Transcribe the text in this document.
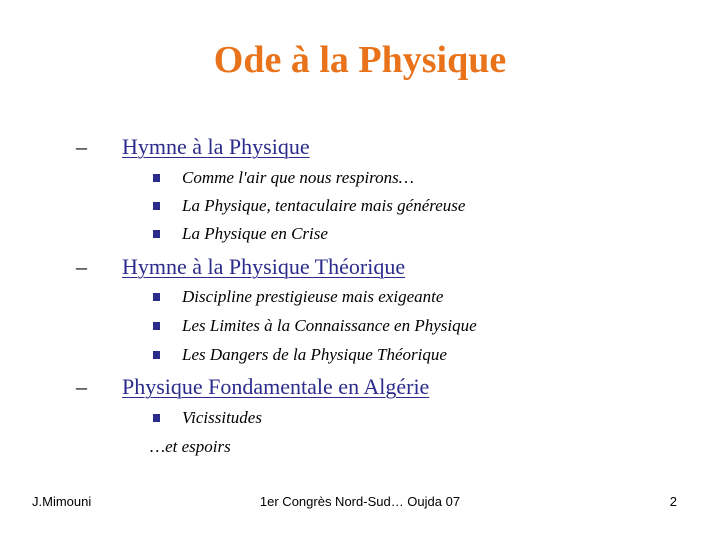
Ode à la Physique
–	Hymne à la Physique
Comme l'air que nous respirons…
La Physique, tentaculaire mais généreuse
La Physique en Crise
–	Hymne à la Physique Théorique
Discipline prestigieuse mais exigeante
Les Limites à la Connaissance en Physique
Les Dangers de la Physique Théorique
–	Physique Fondamentale en Algérie
Vicissitudes
…et espoirs
J.Mimouni	1er Congrès Nord-Sud… Oujda 07	2
